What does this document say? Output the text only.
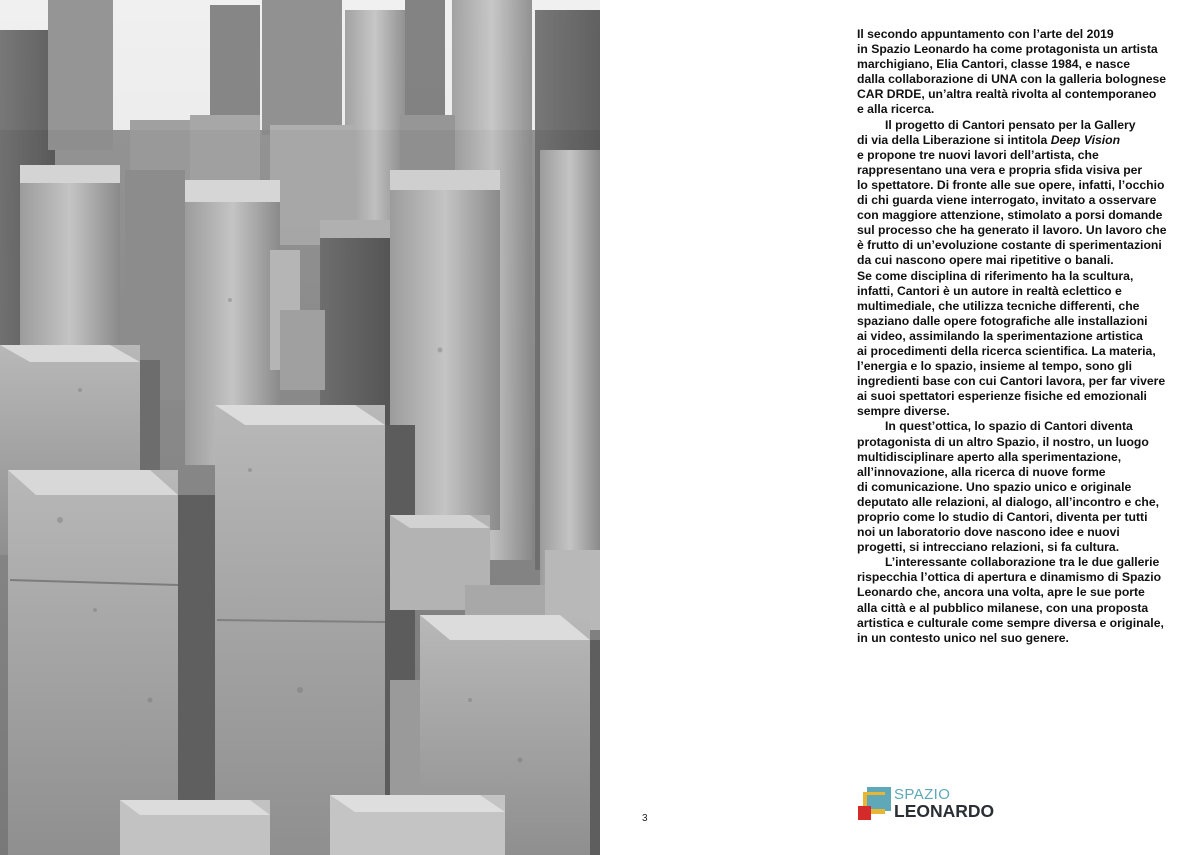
Il secondo appuntamento con l’arte del 2019
in Spazio Leonardo ha come protagonista un artista
marchigiano, Elia Cantori, classe 1984, e nasce
dalla collaborazione di UNA con la galleria bolognese
CAR DRDE, un’altra realtà rivolta al contemporaneo
e alla ricerca.
Il progetto di Cantori pensato per la Gallery
di via della Liberazione si intitola Deep Vision
e propone tre nuovi lavori dell’artista, che
rappresentano una vera e propria sfida visiva per
lo spettatore. Di fronte alle sue opere, infatti, l’occhio
di chi guarda viene interrogato, invitato a osservare
con maggiore attenzione, stimolato a porsi domande
sul processo che ha generato il lavoro. Un lavoro che
è frutto di un’evoluzione costante di sperimentazioni
da cui nascono opere mai ripetitive o banali.
Se come disciplina di riferimento ha la scultura,
infatti, Cantori è un autore in realtà eclettico e
multimediale, che utilizza tecniche differenti, che
spaziano dalle opere fotografiche alle installazioni
ai video, assimilando la sperimentazione artistica
ai procedimenti della ricerca scientifica. La materia,
l’energia e lo spazio, insieme al tempo, sono gli
ingredienti base con cui Cantori lavora, per far vivere
ai suoi spettatori esperienze fisiche ed emozionali
sempre diverse.
In quest’ottica, lo spazio di Cantori diventa
protagonista di un altro Spazio, il nostro, un luogo
multidisciplinare aperto alla sperimentazione,
all’innovazione, alla ricerca di nuove forme
di comunicazione. Uno spazio unico e originale
deputato alle relazioni, al dialogo, all’incontro e che,
proprio come lo studio di Cantori, diventa per tutti
noi un laboratorio dove nascono idee e nuovi
progetti, si intrecciano relazioni, si fa cultura.
L’interessante collaborazione tra le due gallerie
rispecchia l’ottica di apertura e dinamismo di Spazio
Leonardo che, ancora una volta, apre le sue porte
alla città e al pubblico milanese, con una proposta
artistica e culturale come sempre diversa e originale,
in un contesto unico nel suo genere.
3
SPAZIO
LEONARDO
